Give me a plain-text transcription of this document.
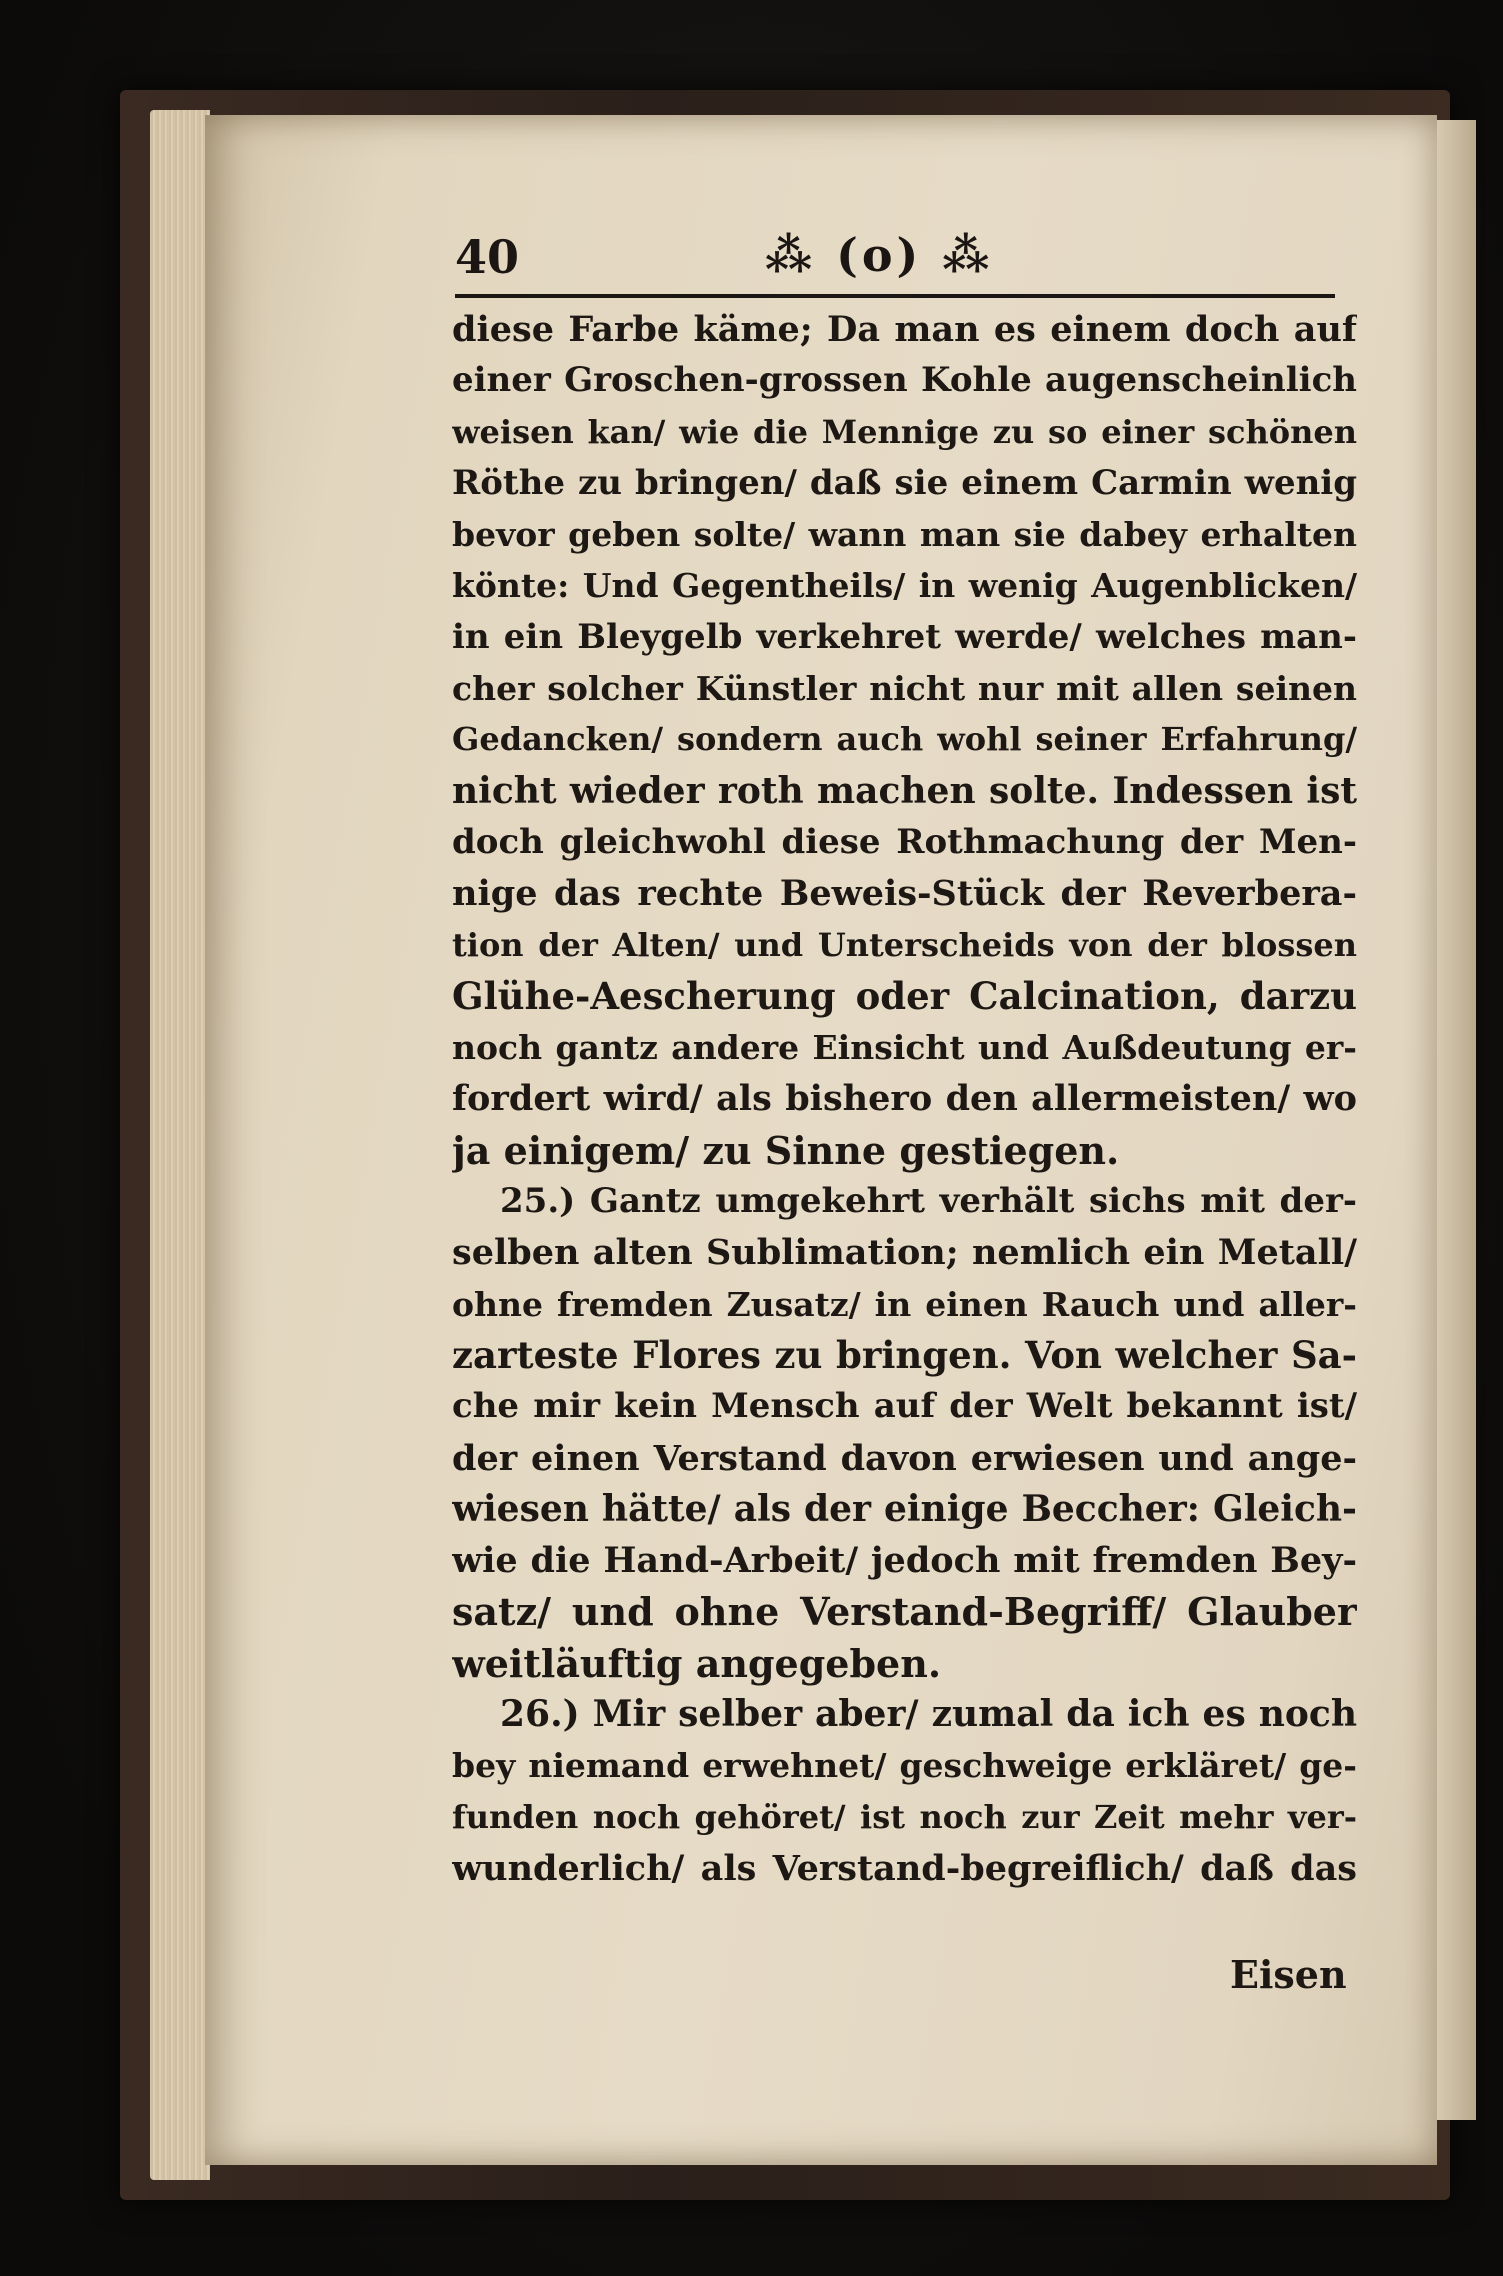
40	⁂ (o) ⁂
diese Farbe käme; Da man es einem doch auf
einer Groschen-grossen Kohle augenscheinlich
weisen kan/ wie die Mennige zu so einer schönen
Röthe zu bringen/ daß sie einem Carmin wenig
bevor geben solte/ wann man sie dabey erhalten
könte: Und Gegentheils/ in wenig Augenblicken/
in ein Bleygelb verkehret werde/ welches man-
cher solcher Künstler nicht nur mit allen seinen
Gedancken/ sondern auch wohl seiner Erfahrung/
nicht wieder roth machen solte. Indessen ist
doch gleichwohl diese Rothmachung der Men-
nige das rechte Beweis-Stück der Reverbera-
tion der Alten/ und Unterscheids von der blossen
Glühe-Aescherung oder Calcination, darzu
noch gantz andere Einsicht und Außdeutung er-
fordert wird/ als bishero den allermeisten/ wo
ja einigem/ zu Sinne gestiegen.
25.) Gantz umgekehrt verhält sichs mit der-
selben alten Sublimation; nemlich ein Metall/
ohne fremden Zusatz/ in einen Rauch und aller-
zarteste Flores zu bringen. Von welcher Sa-
che mir kein Mensch auf der Welt bekannt ist/
der einen Verstand davon erwiesen und ange-
wiesen hätte/ als der einige Beccher: Gleich-
wie die Hand-Arbeit/ jedoch mit fremden Bey-
satz/ und ohne Verstand-Begriff/ Glauber
weitläuftig angegeben.
26.) Mir selber aber/ zumal da ich es noch
bey niemand erwehnet/ geschweige erkläret/ ge-
funden noch gehöret/ ist noch zur Zeit mehr ver-
wunderlich/ als Verstand-begreiflich/ daß das
Eisen
